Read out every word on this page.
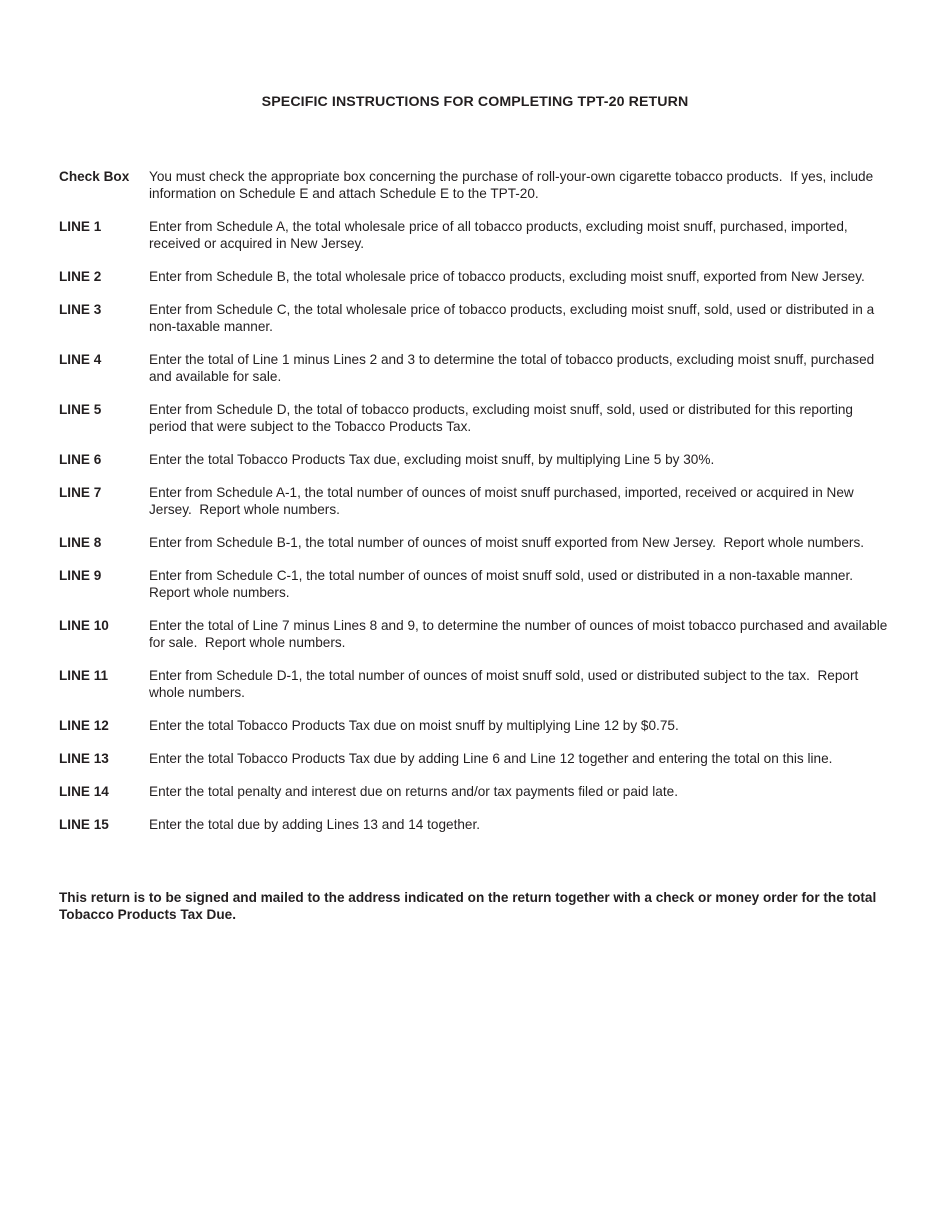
SPECIFIC INSTRUCTIONS FOR COMPLETING TPT-20 RETURN
Check Box	You must check the appropriate box concerning the purchase of roll-your-own cigarette tobacco products.  If yes, include information on Schedule E and attach Schedule E to the TPT-20.
LINE 1	Enter from Schedule A, the total wholesale price of all tobacco products, excluding moist snuff, purchased, imported, received or acquired in New Jersey.
LINE 2	Enter from Schedule B, the total wholesale price of tobacco products, excluding moist snuff, exported from New Jersey.
LINE 3	Enter from Schedule C, the total wholesale price of tobacco products, excluding moist snuff, sold, used or distributed in a non-taxable manner.
LINE 4	Enter the total of Line 1 minus Lines 2 and 3 to determine the total of tobacco products, excluding moist snuff, purchased and available for sale.
LINE 5	Enter from Schedule D, the total of tobacco products, excluding moist snuff, sold, used or distributed for this reporting period that were subject to the Tobacco Products Tax.
LINE 6	Enter the total Tobacco Products Tax due, excluding moist snuff, by multiplying Line 5 by 30%.
LINE 7	Enter from Schedule A-1, the total number of ounces of moist snuff purchased, imported, received or acquired in New Jersey.  Report whole numbers.
LINE 8	Enter from Schedule B-1, the total number of ounces of moist snuff exported from New Jersey.  Report whole numbers.
LINE 9	Enter from Schedule C-1, the total number of ounces of moist snuff sold, used or distributed in a non-taxable manner.  Report whole numbers.
LINE 10	Enter the total of Line 7 minus Lines 8 and 9, to determine the number of ounces of moist tobacco purchased and available for sale.  Report whole numbers.
LINE 11	Enter from Schedule D-1, the total number of ounces of moist snuff sold, used or distributed subject to the tax.  Report whole numbers.
LINE 12	Enter the total Tobacco Products Tax due on moist snuff by multiplying Line 12 by $0.75.
LINE 13	Enter the total Tobacco Products Tax due by adding Line 6 and Line 12 together and entering the total on this line.
LINE 14	Enter the total penalty and interest due on returns and/or tax payments filed or paid late.
LINE 15	Enter the total due by adding Lines 13 and 14 together.
This return is to be signed and mailed to the address indicated on the return together with a check or money order for the total Tobacco Products Tax Due.
